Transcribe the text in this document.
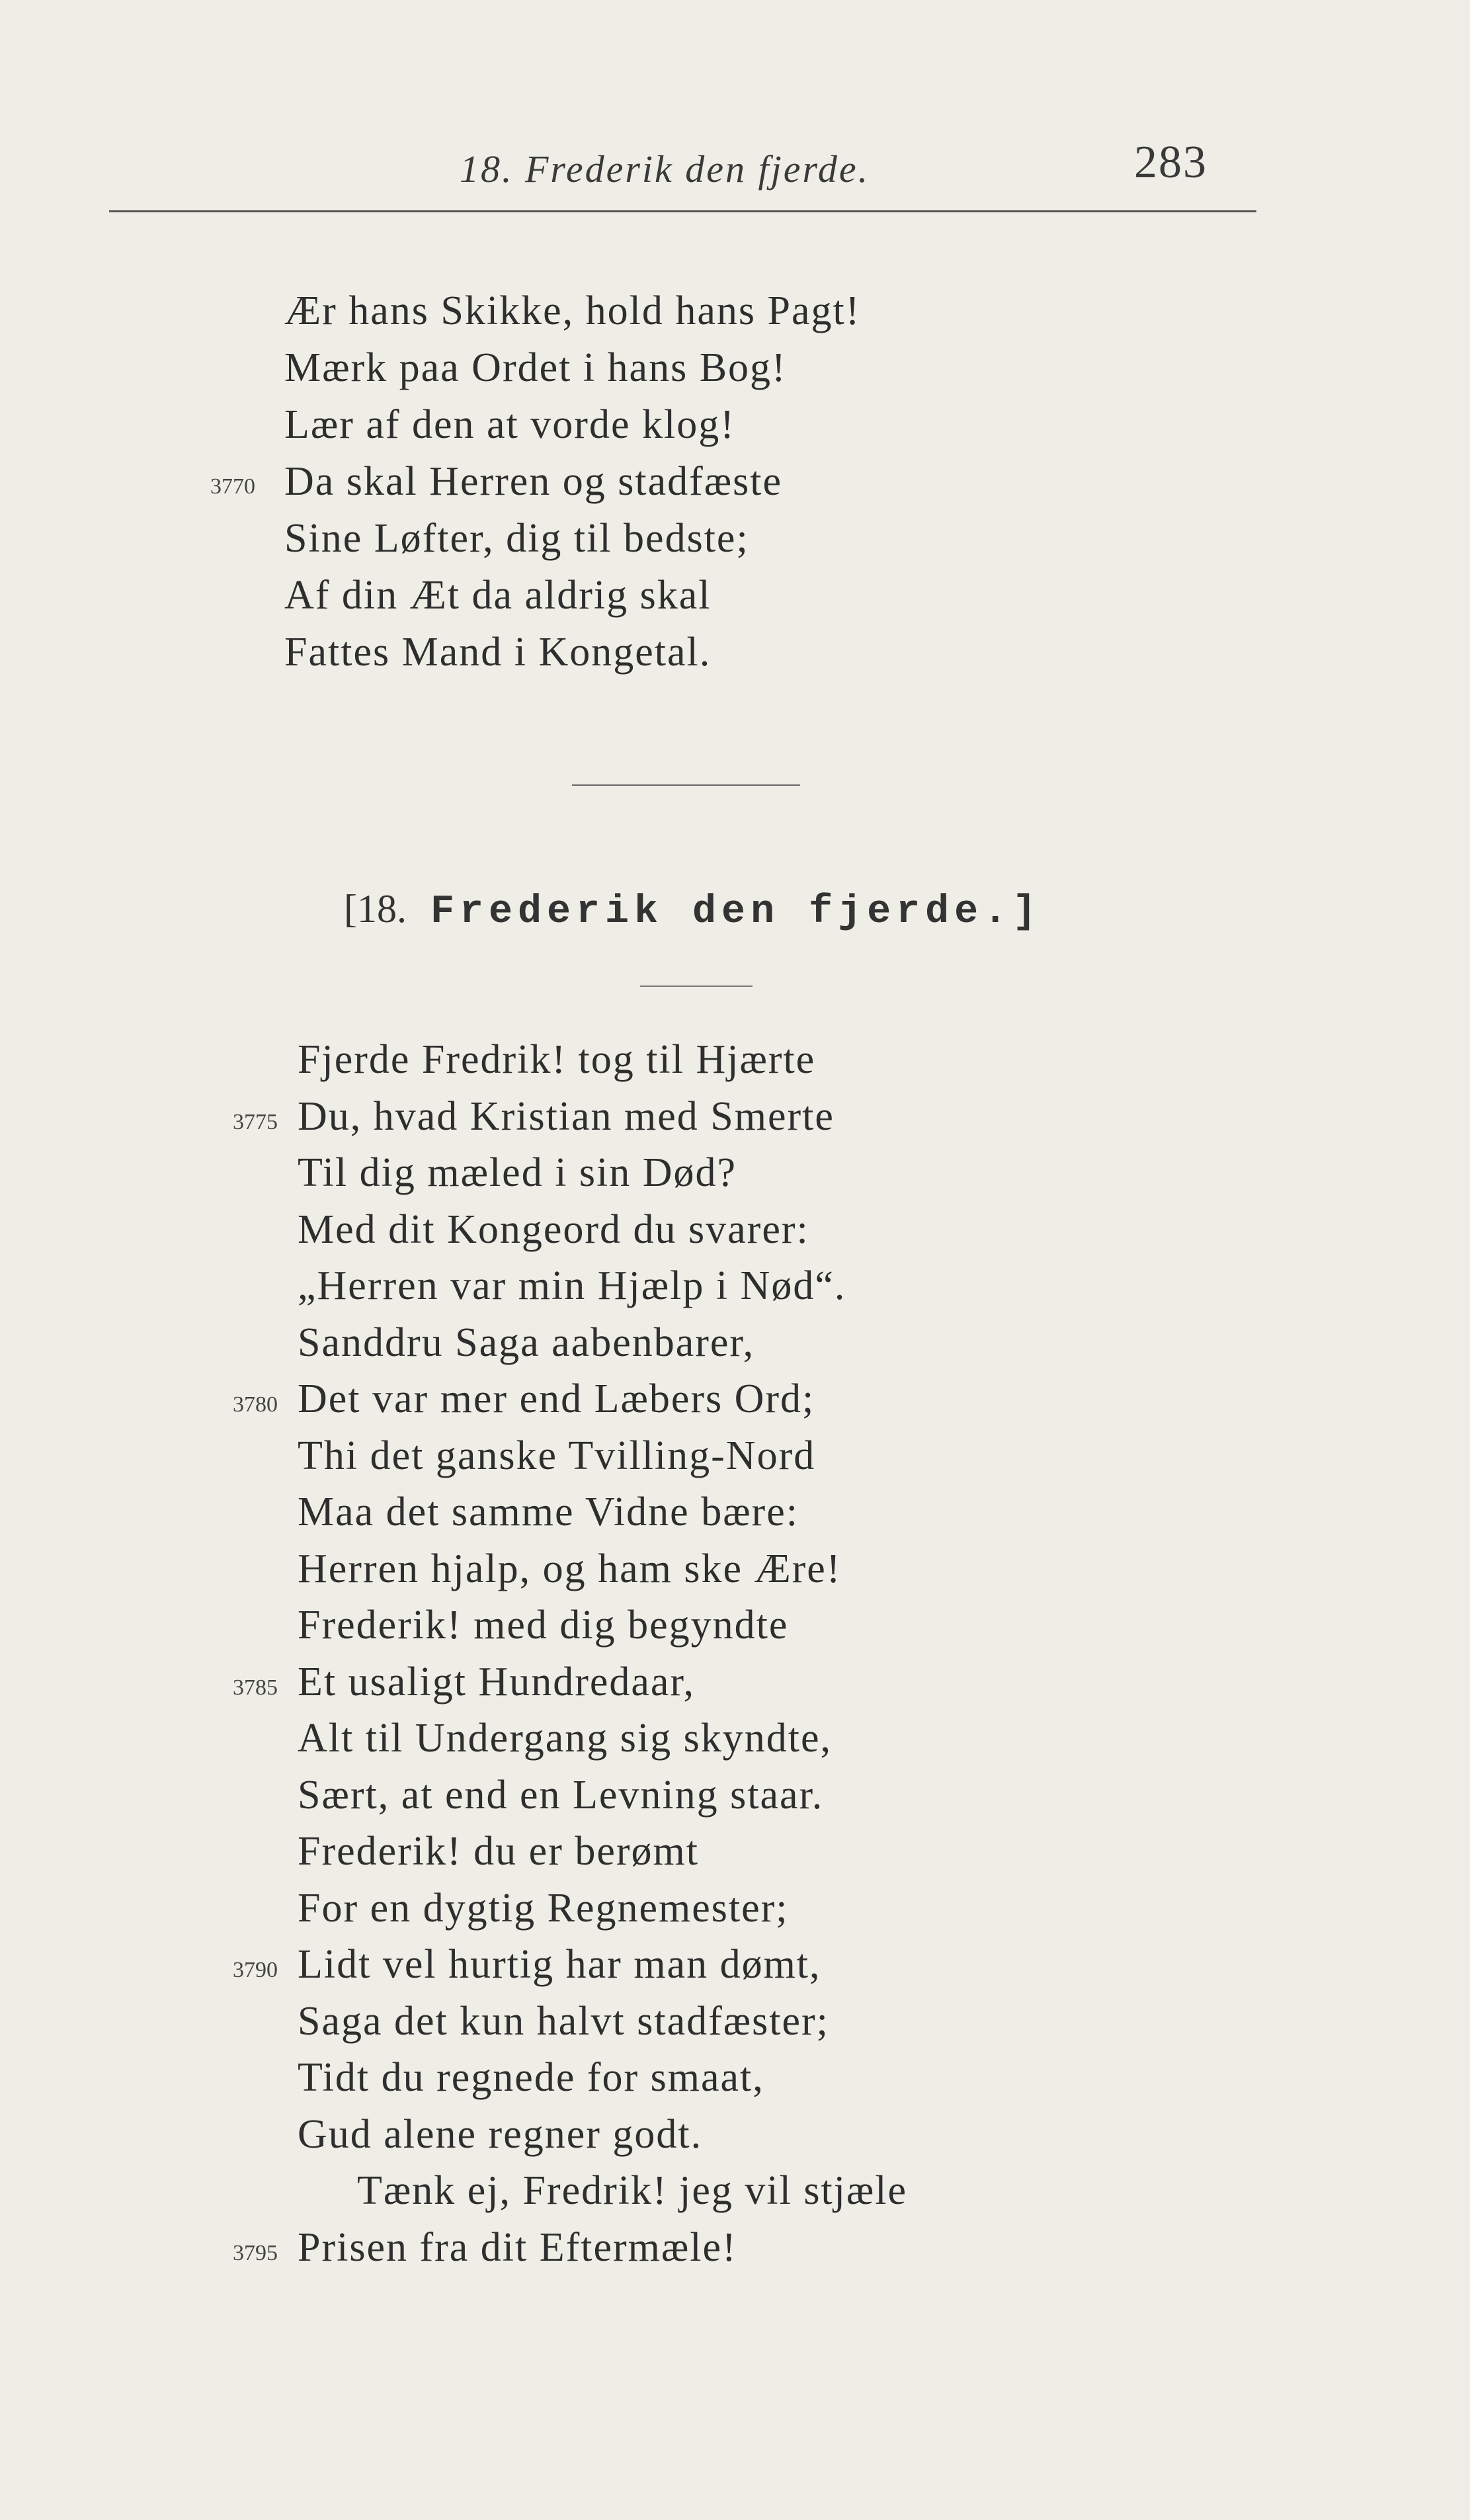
18. Frederik den fjerde.	283
Ær hans Skikke, hold hans Pagt!
Mærk paa Ordet i hans Bog!
Lær af den at vorde klog!
3770 Da skal Herren og stadfæste
Sine Løfter, dig til bedste;
Af din Æt da aldrig skal
Fattes Mand i Kongetal.
[18. Frederik den fjerde.]
Fjerde Fredrik! tog til Hjærte
3775 Du, hvad Kristian med Smerte
Til dig mæled i sin Død?
Med dit Kongeord du svarer:
„Herren var min Hjælp i Nød“.
Sanddru Saga aabenbarer,
3780 Det var mer end Læbers Ord;
Thi det ganske Tvilling-Nord
Maa det samme Vidne bære:
Herren hjalp, og ham ske Ære!
Frederik! med dig begyndte
3785 Et usaligt Hundredaar,
Alt til Undergang sig skyndte,
Sært, at end en Levning staar.
Frederik! du er berømt
For en dygtig Regnemester;
3790 Lidt vel hurtig har man dømt,
Saga det kun halvt stadfæster;
Tidt du regnede for smaat,
Gud alene regner godt.
Tænk ej, Fredrik! jeg vil stjæle
3795 Prisen fra dit Eftermæle!
